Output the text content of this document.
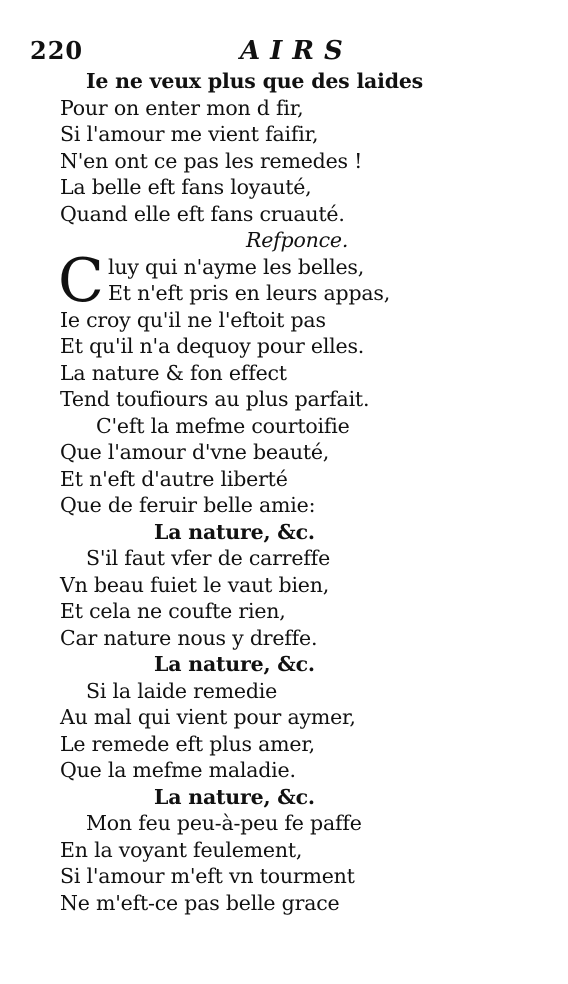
220	AIRS
Ie ne veux plus que des laides
Pour on enter mon d fir,
Si l'amour me vient faifir,
N'en ont ce pas les remedes !
La belle eft fans loyauté,
Quand elle eft fans cruauté.
Refponce.
C luy qui n'ayme les belles,
Et n'eft pris en leurs appas,
Ie croy qu'il ne l'eftoit pas
Et qu'il n'a dequoy pour elles.
La nature & fon effect
Tend toufiours au plus parfait.
C'eft la mefme courtoifie
Que l'amour d'vne beauté,
Et n'eft d'autre liberté
Que de feruir belle amie:
La nature, &c.
S'il faut vfer de carreffe
Vn beau fuiet le vaut bien,
Et cela ne coufte rien,
Car nature nous y dreffe.
La nature, &c.
Si la laide remedie
Au mal qui vient pour aymer,
Le remede eft plus amer,
Que la mefme maladie.
La nature, &c.
Mon feu peu-à-peu fe paffe
En la voyant feulement,
Si l'amour m'eft vn tourment
Ne m'eft-ce pas belle grace
